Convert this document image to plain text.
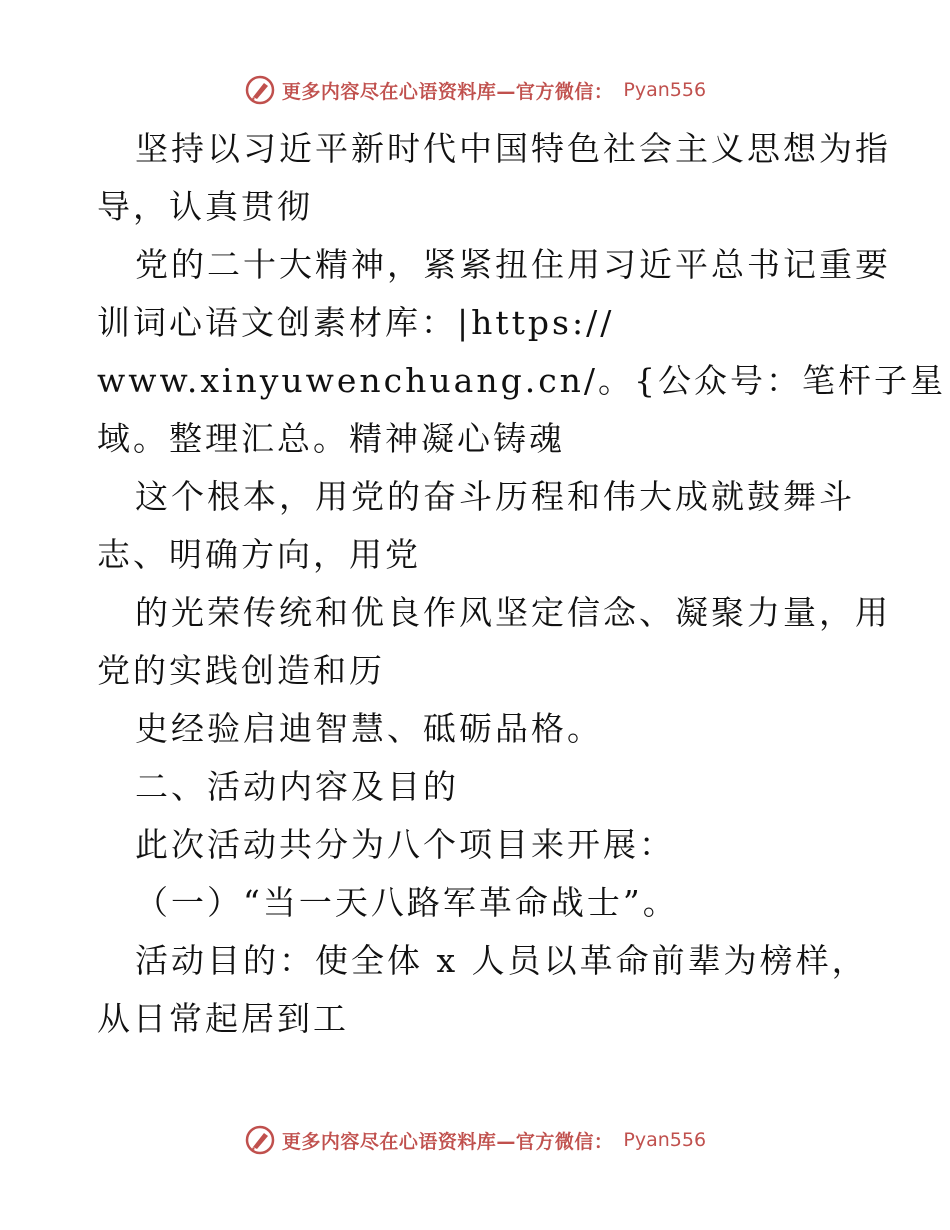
更多内容尽在心语资料库—官方微信： Pyan556
坚持以习近平新时代中国特色社会主义思想为指
导，认真贯彻
党的二十大精神，紧紧扭住用习近平总书记重要
训词心语文创素材库：|https://
www.xinyuwenchuang.cn/。{公众号：笔杆子星
域。整理汇总。精神凝心铸魂
这个根本，用党的奋斗历程和伟大成就鼓舞斗
志、明确方向，用党
的光荣传统和优良作风坚定信念、凝聚力量，用
党的实践创造和历
史经验启迪智慧、砥砺品格。
二、活动内容及目的
此次活动共分为八个项目来开展：
（一）“当一天八路军革命战士”。
活动目的：使全体 x 人员以革命前辈为榜样，
从日常起居到工
更多内容尽在心语资料库—官方微信： Pyan556
